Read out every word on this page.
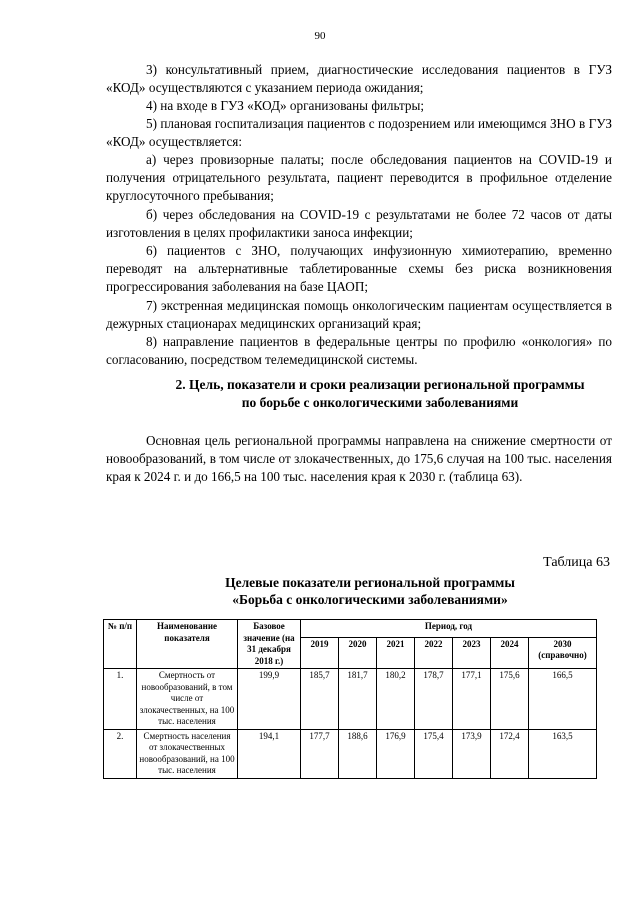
90
3) консультативный прием, диагностические исследования пациентов в ГУЗ «КОД» осуществляются с указанием периода ожидания;
4) на входе в ГУЗ «КОД» организованы фильтры;
5) плановая госпитализация пациентов с подозрением или имеющимся ЗНО в ГУЗ «КОД» осуществляется:
а) через провизорные палаты; после обследования пациентов на COVID-19 и получения отрицательного результата, пациент переводится в профильное отделение круглосуточного пребывания;
б) через обследования на COVID-19 с результатами не более 72 часов от даты изготовления в целях профилактики заноса инфекции;
6) пациентов с ЗНО, получающих инфузионную химиотерапию, временно переводят на альтернативные таблетированные схемы без риска возникновения прогрессирования заболевания на базе ЦАОП;
7) экстренная медицинская помощь онкологическим пациентам осуществляется в дежурных стационарах медицинских организаций края;
8) направление пациентов в федеральные центры по профилю «онкология» по согласованию, посредством телемедицинской системы.
2. Цель, показатели и сроки реализации региональной программы
по борьбе с онкологическими заболеваниями
Основная цель региональной программы направлена на снижение смертности от новообразований, в том числе от злокачественных, до 175,6 случая на 100 тыс. населения края к 2024 г. и до 166,5 на 100 тыс. населения края к 2030 г. (таблица 63).
Таблица 63
Целевые показатели региональной программы
«Борьба с онкологическими заболеваниями»
№ п/п	Наименование показателя	Базовое значение (на 31 декабря 2018 г.)	Период, год						
			2019	2020	2021	2022	2023	2024	2030 (справочно)
1.	Смертность от новообразований, в том числе от злокачественных, на 100 тыс. населения	199,9	185,7	181,7	180,2	178,7	177,1	175,6	166,5
2.	Смертность населения от злокачественных новообразований, на 100 тыс. населения	194,1	177,7	188,6	176,9	175,4	173,9	172,4	163,5
